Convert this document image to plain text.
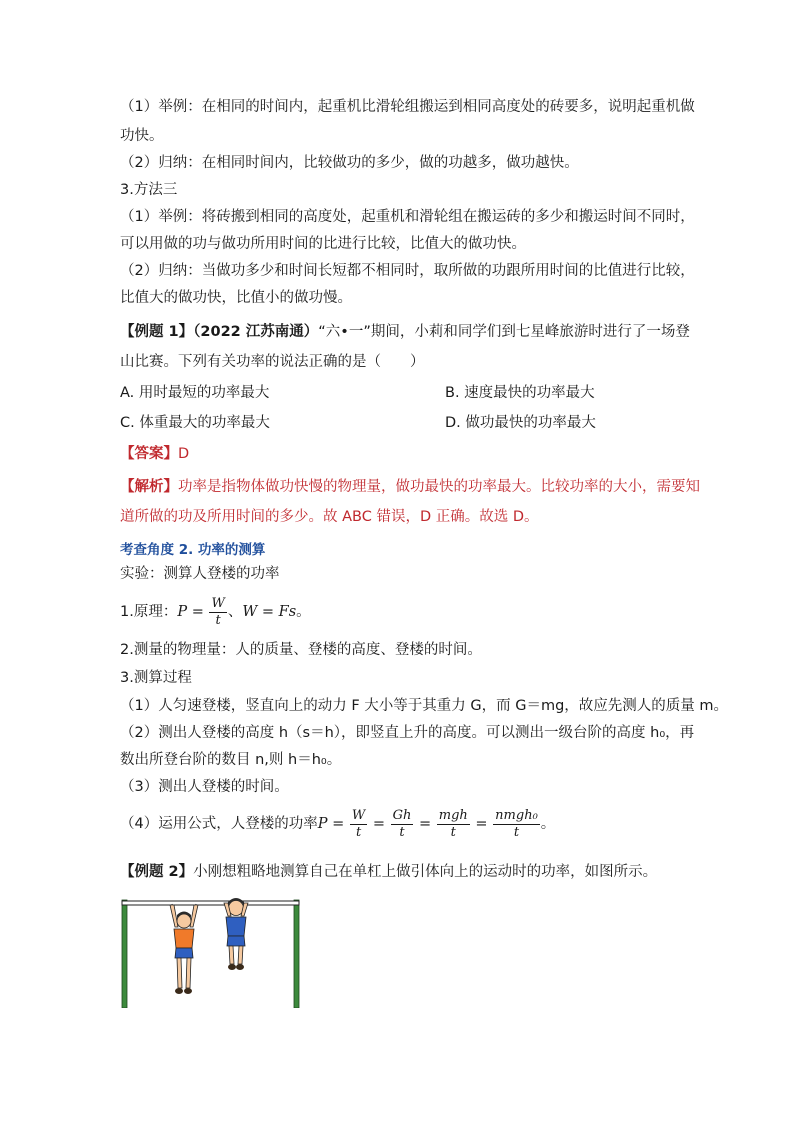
（1）举例：在相同的时间内，起重机比滑轮组搬运到相同高度处的砖要多，说明起重机做
功快。
（2）归纳：在相同时间内，比较做功的多少，做的功越多，做功越快。
3.方法三
（1）举例：将砖搬到相同的高度处，起重机和滑轮组在搬运砖的多少和搬运时间不同时，
可以用做的功与做功所用时间的比进行比较，比值大的做功快。
（2）归纳：当做功多少和时间长短都不相同时，取所做的功跟所用时间的比值进行比较，
比值大的做功快，比值小的做功慢。
【例题 1】（2022 江苏南通）“六•一”期间，小莉和同学们到七星峰旅游时进行了一场登
山比赛。下列有关功率的说法正确的是（　　）
A. 用时最短的功率最大	B. 速度最快的功率最大
C. 体重最大的功率最大	D. 做功最快的功率最大
【答案】D
【解析】功率是指物体做功快慢的物理量，做功最快的功率最大。比较功率的大小，需要知
道所做的功及所用时间的多少。故 ABC 错误，D 正确。故选 D。
考查角度 2. 功率的测算
实验：测算人登楼的功率
1.原理：$P = \frac{W}{t}$ 、W = Fs。
2.测量的物理量：人的质量、登楼的高度、登楼的时间。
3.测算过程
（1）人匀速登楼，竖直向上的动力 F 大小等于其重力 G，而 G＝mg，故应先测人的质量 m。
（2）测出人登楼的高度 h（s＝h），即竖直上升的高度。可以测出一级台阶的高度 h₀，再
数出所登台阶的数目 n,则 h＝h₀。
（3）测出人登楼的时间。
（4）运用公式，人登楼的功率$P = \frac{W}{t} = \frac{Gh}{t} = \frac{\text{mgh}}{t} = \frac{\text{nmgh₀}}{t}$ 。
【例题 2】小刚想粗略地测算自己在单杠上做引体向上的运动时的功率，如图所示。
